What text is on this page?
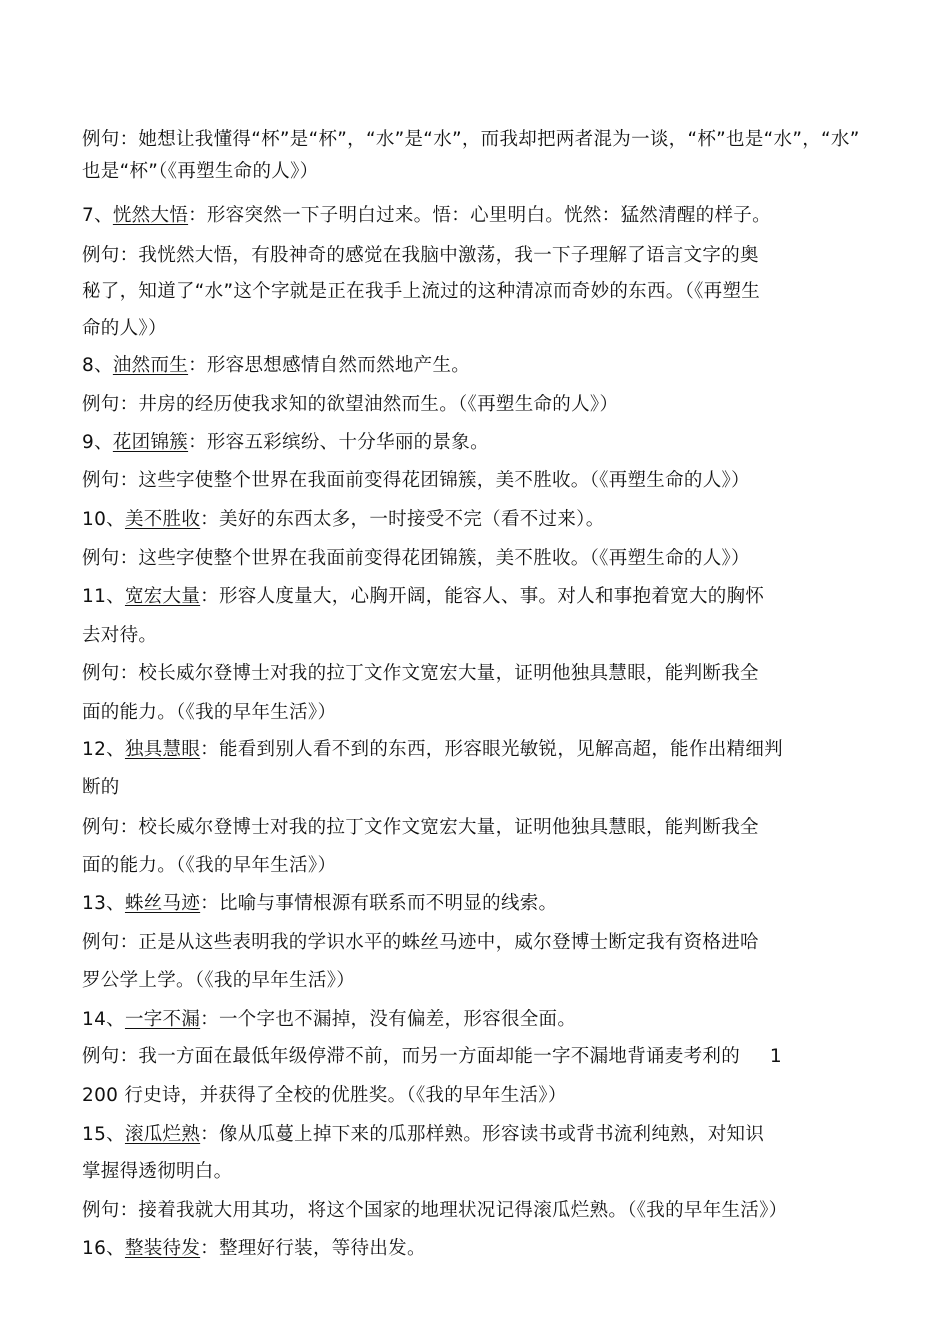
例句：她想让我懂得“杯”是“杯”，“水”是“水”，而我却把两者混为一谈，“杯”也是“水”，“水”
也是“杯”（《再塑生命的人》）
7、恍然大悟：形容突然一下子明白过来。悟：心里明白。恍然：猛然清醒的样子。
例句：我恍然大悟，有股神奇的感觉在我脑中激荡，我一下子理解了语言文字的奥
秘了，知道了“水”这个字就是正在我手上流过的这种清凉而奇妙的东西。（《再塑生
命的人》）
8、油然而生：形容思想感情自然而然地产生。
例句：井房的经历使我求知的欲望油然而生。（《再塑生命的人》）
9、花团锦簇：形容五彩缤纷、十分华丽的景象。
例句：这些字使整个世界在我面前变得花团锦簇，美不胜收。（《再塑生命的人》）
10、美不胜收：美好的东西太多，一时接受不完（看不过来）。
例句：这些字使整个世界在我面前变得花团锦簇，美不胜收。（《再塑生命的人》）
11、宽宏大量：形容人度量大，心胸开阔，能容人、事。对人和事抱着宽大的胸怀
去对待。
例句：校长威尔登博士对我的拉丁文作文宽宏大量，证明他独具慧眼，能判断我全
面的能力。（《我的早年生活》）
12、独具慧眼：能看到别人看不到的东西，形容眼光敏锐，见解高超，能作出精细判
断的
例句：校长威尔登博士对我的拉丁文作文宽宏大量，证明他独具慧眼，能判断我全
面的能力。（《我的早年生活》）
13、蛛丝马迹：比喻与事情根源有联系而不明显的线索。
例句：正是从这些表明我的学识水平的蛛丝马迹中，威尔登博士断定我有资格进哈
罗公学上学。（《我的早年生活》）
14、一字不漏：一个字也不漏掉，没有偏差，形容很全面。
例句：我一方面在最低年级停滞不前，而另一方面却能一字不漏地背诵麦考利的 1
200 行史诗，并获得了全校的优胜奖。（《我的早年生活》）
15、滚瓜烂熟：像从瓜蔓上掉下来的瓜那样熟。形容读书或背书流利纯熟，对知识
掌握得透彻明白。
例句：接着我就大用其功，将这个国家的地理状况记得滚瓜烂熟。（《我的早年生活》）
16、整装待发：整理好行装，等待出发。
